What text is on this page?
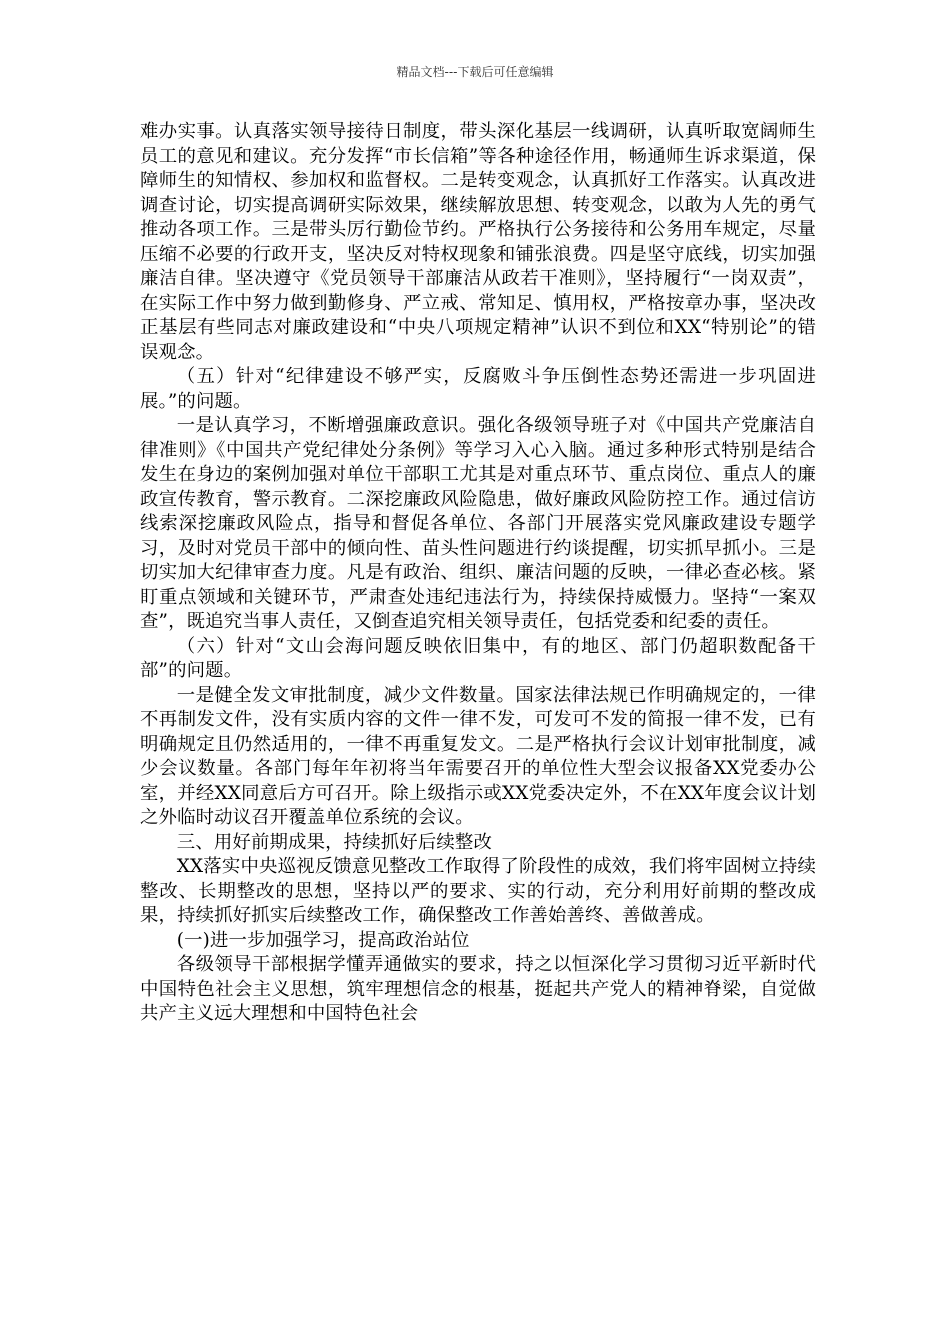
精品文档---下载后可任意编辑

难办实事。认真落实领导接待日制度，带头深化基层一线调研，认真听取宽阔师生员工的意见和建议。充分发挥“市长信箱”等各种途径作用，畅通师生诉求渠道，保障师生的知情权、参加权和监督权。二是转变观念，认真抓好工作落实。认真改进调查讨论，切实提高调研实际效果，继续解放思想、转变观念，以敢为人先的勇气推动各项工作。三是带头厉行勤俭节约。严格执行公务接待和公务用车规定，尽量压缩不必要的行政开支，坚决反对特权现象和铺张浪费。四是坚守底线，切实加强廉洁自律。坚决遵守《党员领导干部廉洁从政若干准则》，坚持履行“一岗双责”，在实际工作中努力做到勤修身、严立戒、常知足、慎用权，严格按章办事，坚决改正基层有些同志对廉政建设和“中央八项规定精神”认识不到位和XX“特别论”的错误观念。

（五）针对“纪律建设不够严实，反腐败斗争压倒性态势还需进一步巩固进展。”的问题。

一是认真学习，不断增强廉政意识。强化各级领导班子对《中国共产党廉洁自律准则》《中国共产党纪律处分条例》等学习入心入脑。通过多种形式特别是结合发生在身边的案例加强对单位干部职工尤其是对重点环节、重点岗位、重点人的廉政宣传教育，警示教育。二深挖廉政风险隐患，做好廉政风险防控工作。通过信访线索深挖廉政风险点，指导和督促各单位、各部门开展落实党风廉政建设专题学习，及时对党员干部中的倾向性、苗头性问题进行约谈提醒，切实抓早抓小。三是切实加大纪律审查力度。凡是有政治、组织、廉洁问题的反映，一律必查必核。紧盯重点领域和关键环节，严肃查处违纪违法行为，持续保持威慑力。坚持“一案双查”，既追究当事人责任，又倒查追究相关领导责任，包括党委和纪委的责任。

（六）针对“文山会海问题反映依旧集中，有的地区、部门仍超职数配备干部”的问题。

一是健全发文审批制度，减少文件数量。国家法律法规已作明确规定的，一律不再制发文件，没有实质内容的文件一律不发，可发可不发的简报一律不发，已有明确规定且仍然适用的，一律不再重复发文。二是严格执行会议计划审批制度，减少会议数量。各部门每年年初将当年需要召开的单位性大型会议报备XX党委办公室，并经XX同意后方可召开。除上级指示或XX党委决定外，不在XX年度会议计划之外临时动议召开覆盖单位系统的会议。

三、用好前期成果，持续抓好后续整改

XX落实中央巡视反馈意见整改工作取得了阶段性的成效，我们将牢固树立持续整改、长期整改的思想，坚持以严的要求、实的行动，充分利用好前期的整改成果，持续抓好抓实后续整改工作，确保整改工作善始善终、善做善成。

(一)进一步加强学习，提高政治站位

各级领导干部根据学懂弄通做实的要求，持之以恒深化学习贯彻习近平新时代中国特色社会主义思想，筑牢理想信念的根基，挺起共产党人的精神脊梁，自觉做共产主义远大理想和中国特色社会
